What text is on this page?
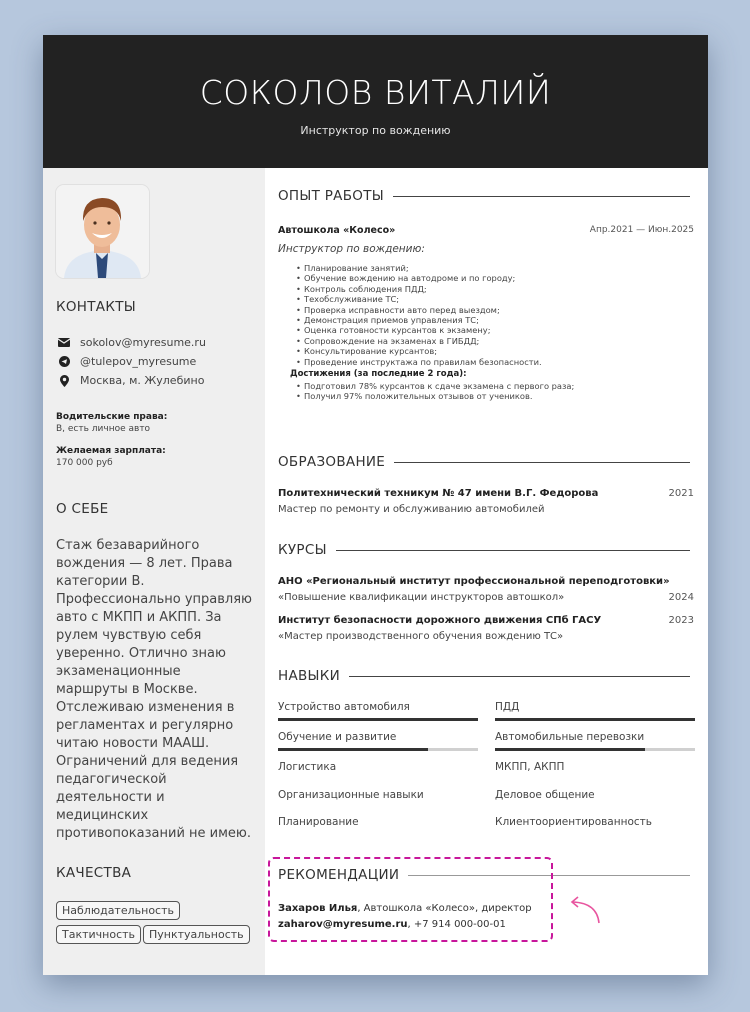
СОКОЛОВ ВИТАЛИЙ
Инструктор по вождению
КОНТАКТЫ
sokolov@myresume.ru
@tulepov_myresume
Москва, м. Жулебино
Водительские права:
B, есть личное авто
Желаемая зарплата:
170 000 руб
О СЕБЕ
Стаж безаварийного вождения — 8 лет. Права категории B. Профессионально управляю авто с МКПП и АКПП. За рулем чувствую себя уверенно. Отлично знаю экзаменационные маршруты в Москве. Отслеживаю изменения в регламентах и регулярно читаю новости МААШ. Ограничений для ведения педагогической деятельности и медицинских противопоказаний не имею.
КАЧЕСТВА
Наблюдательность
Тактичность	Пунктуальность
ОПЫТ РАБОТЫ
Автошкола «Колесо»	Апр.2021 — Июн.2025
Инструктор по вождению:
• Планирование занятий;
• Обучение вождению на автодроме и по городу;
• Контроль соблюдения ПДД;
• Техобслуживание ТС;
• Проверка исправности авто перед выездом;
• Демонстрация приемов управления ТС;
• Оценка готовности курсантов к экзамену;
• Сопровождение на экзаменах в ГИБДД;
• Консультирование курсантов;
• Проведение инструктажа по правилам безопасности.
Достижения (за последние 2 года):
• Подготовил 78% курсантов к сдаче экзамена с первого раза;
• Получил 97% положительных отзывов от учеников.
ОБРАЗОВАНИЕ
Политехнический техникум № 47 имени В.Г. Федорова	2021
Мастер по ремонту и обслуживанию автомобилей
КУРСЫ
АНО «Региональный институт профессиональной переподготовки»
«Повышение квалификации инструкторов автошкол»	2024
Институт безопасности дорожного движения СПб ГАСУ	2023
«Мастер производственного обучения вождению ТС»
НАВЫКИ
Устройство автомобиля	ПДД
Обучение и развитие	Автомобильные перевозки
Логистика	МКПП, АКПП
Организационные навыки	Деловое общение
Планирование	Клиентоориентированность
РЕКОМЕНДАЦИИ
Захаров Илья, Автошкола «Колесо», директор
zaharov@myresume.ru, +7 914 000-00-01
